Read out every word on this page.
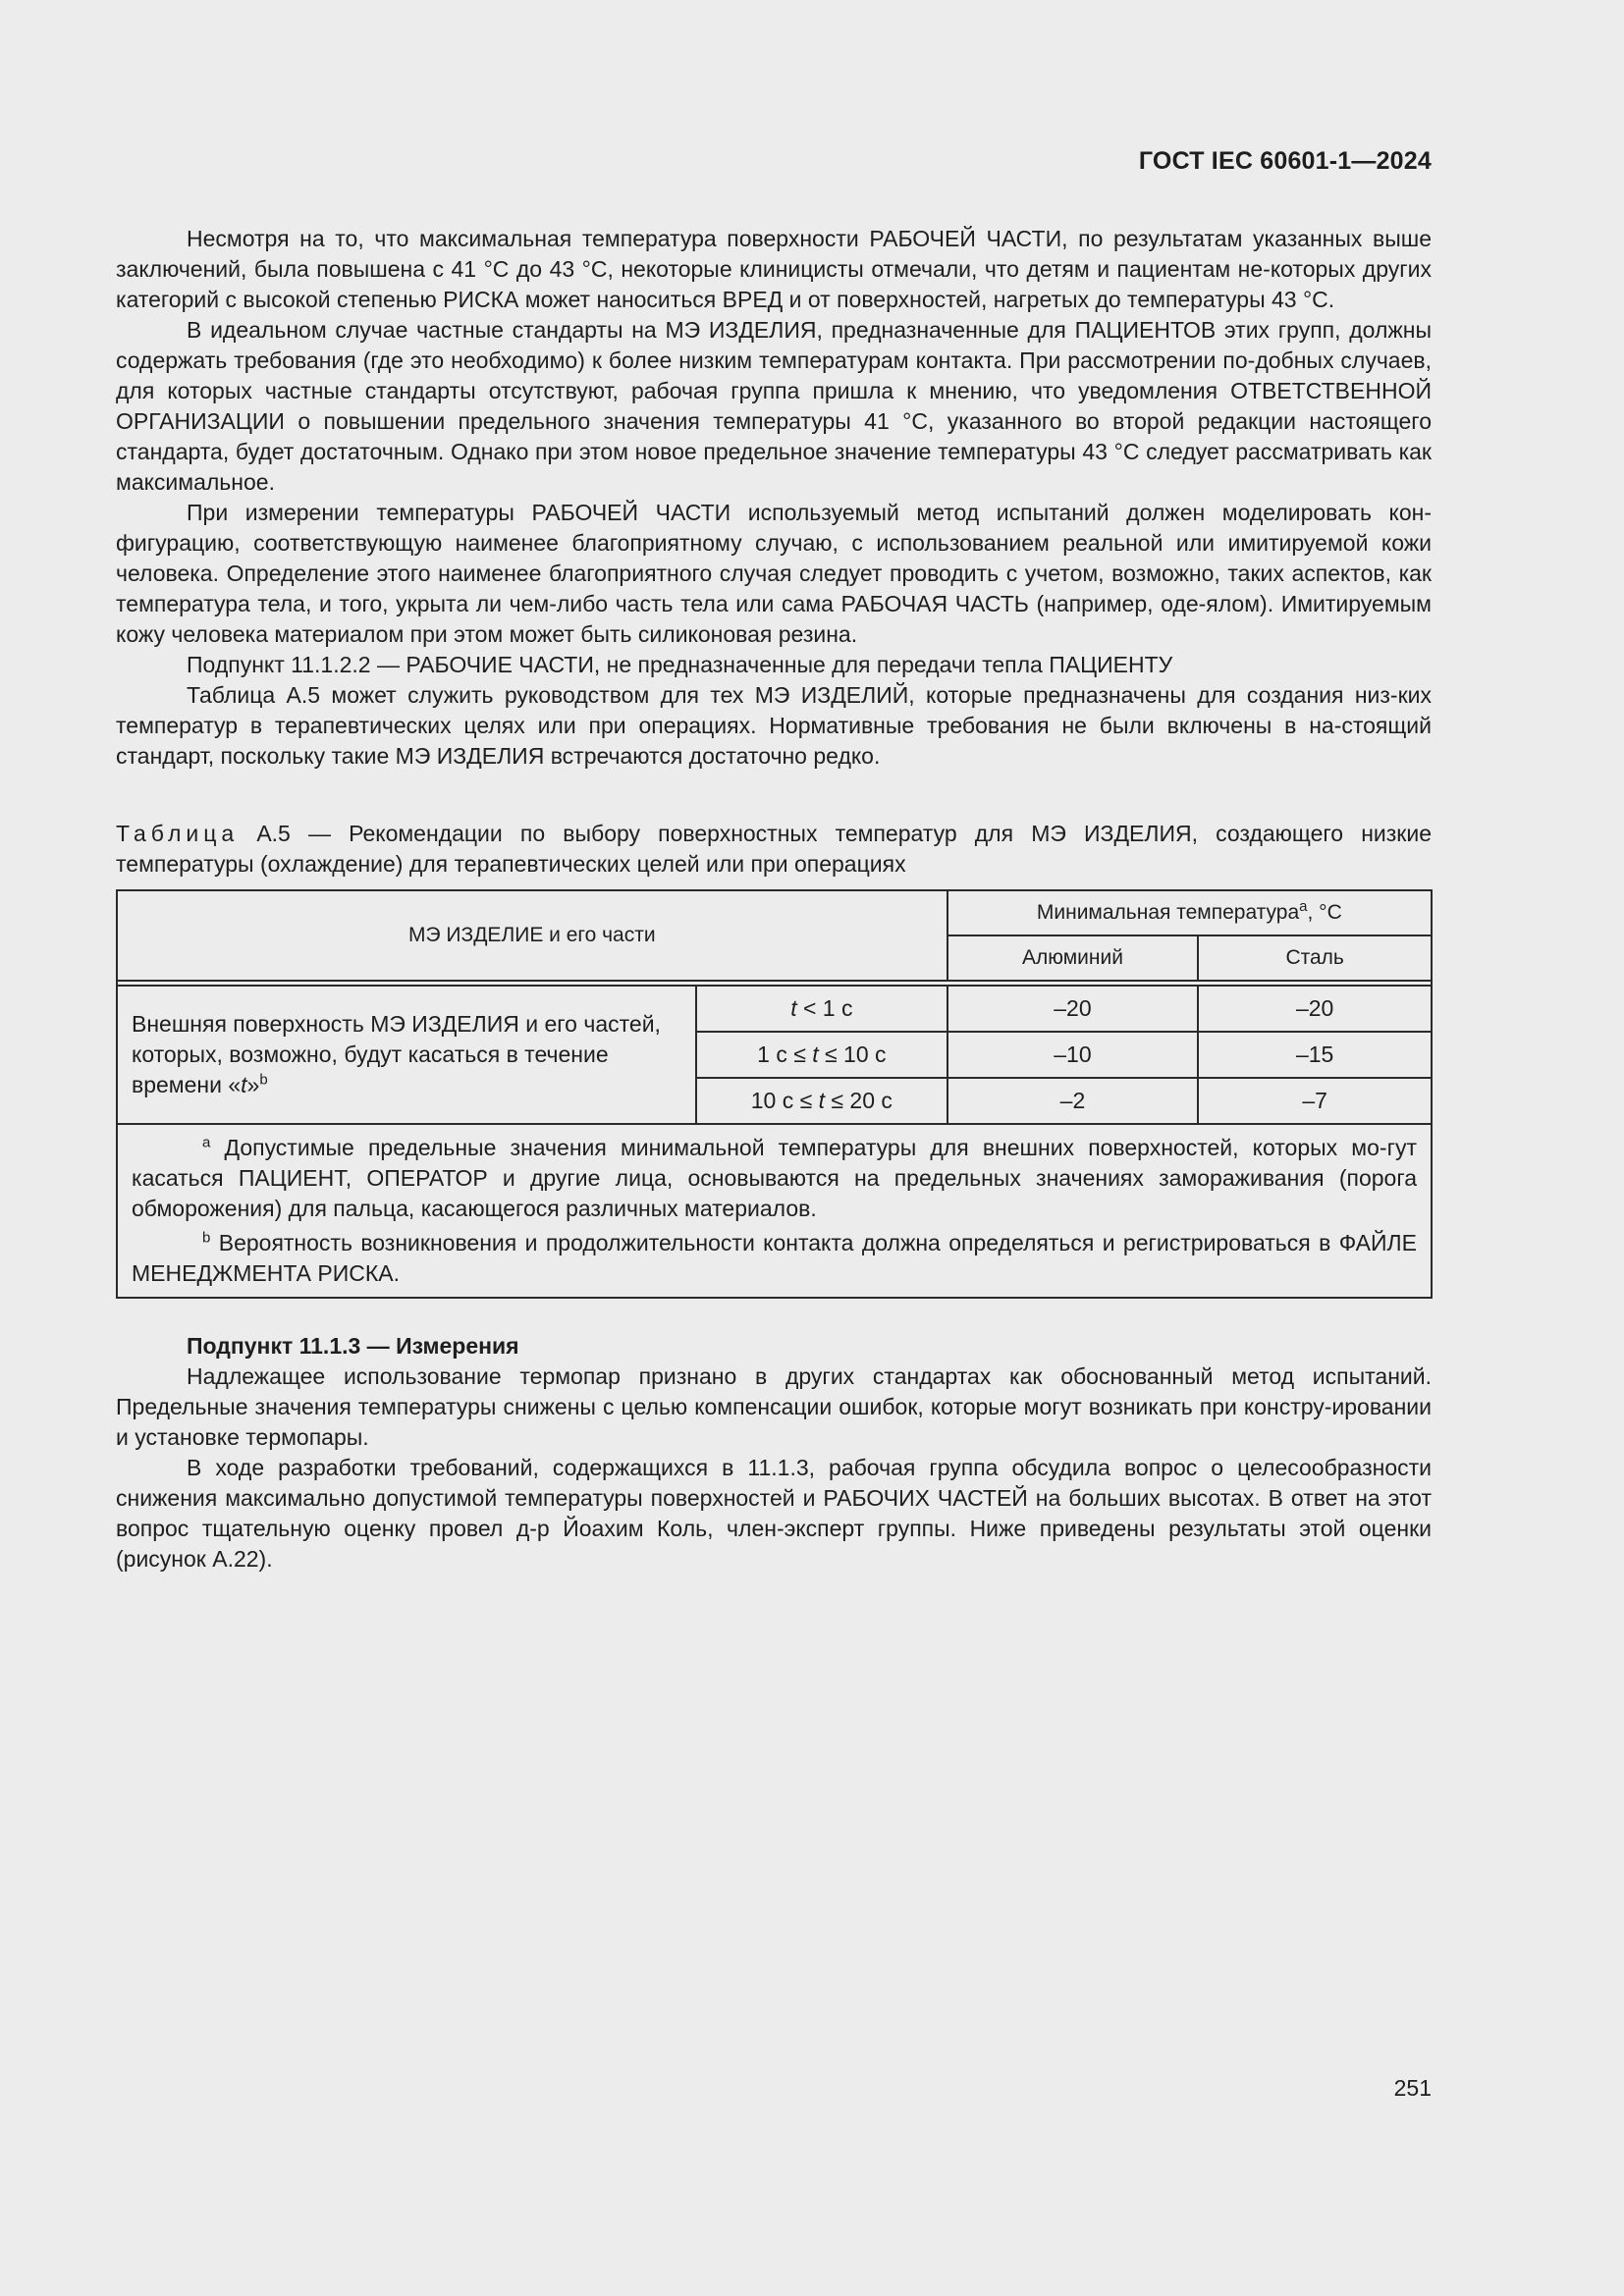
ГОСТ IEC 60601-1—2024

Несмотря на то, что максимальная температура поверхности РАБОЧЕЙ ЧАСТИ, по результатам указанных выше заключений, была повышена с 41 °С до 43 °С, некоторые клиницисты отмечали, что детям и пациентам не-которых других категорий с высокой степенью РИСКА может наноситься ВРЕД и от поверхностей, нагретых до температуры 43 °С.

В идеальном случае частные стандарты на МЭ ИЗДЕЛИЯ, предназначенные для ПАЦИЕНТОВ этих групп, должны содержать требования (где это необходимо) к более низким температурам контакта. При рассмотрении по-добных случаев, для которых частные стандарты отсутствуют, рабочая группа пришла к мнению, что уведомления ОТВЕТСТВЕННОЙ ОРГАНИЗАЦИИ о повышении предельного значения температуры 41 °С, указанного во второй редакции настоящего стандарта, будет достаточным. Однако при этом новое предельное значение температуры 43 °С следует рассматривать как максимальное.

При измерении температуры РАБОЧЕЙ ЧАСТИ используемый метод испытаний должен моделировать кон-фигурацию, соответствующую наименее благоприятному случаю, с использованием реальной или имитируемой кожи человека. Определение этого наименее благоприятного случая следует проводить с учетом, возможно, таких аспектов, как температура тела, и того, укрыта ли чем-либо часть тела или сама РАБОЧАЯ ЧАСТЬ (например, оде-ялом). Имитируемым кожу человека материалом при этом может быть силиконовая резина.

Подпункт 11.1.2.2 — РАБОЧИЕ ЧАСТИ, не предназначенные для передачи тепла ПАЦИЕНТУ

Таблица А.5 может служить руководством для тех МЭ ИЗДЕЛИЙ, которые предназначены для создания низ-ких температур в терапевтических целях или при операциях. Нормативные требования не были включены в на-стоящий стандарт, поскольку такие МЭ ИЗДЕЛИЯ встречаются достаточно редко.

Таблица А.5 — Рекомендации по выбору поверхностных температур для МЭ ИЗДЕЛИЯ, создающего низкие температуры (охлаждение) для терапевтических целей или при операциях
МЭ ИЗДЕЛИЕ и его части		Минимальная температура$^a$, °С	
		Алюминий	Сталь

Внешняя поверхность МЭ ИЗДЕЛИЯ и его частей, которых, возможно, будут касаться в течение времени «t»$^b$	t < 1 с	–20	–20
	1 с ≤ t ≤ 10 с	–10	–15
	10 с ≤ t ≤ 20 с	–2	–7

$^a$ Допустимые предельные значения минимальной температуры для внешних поверхностей, которых мо-гут касаться ПАЦИЕНТ, ОПЕРАТОР и другие лица, основываются на предельных значениях замораживания (порога обморожения) для пальца, касающегося различных материалов.

$^b$ Вероятность возникновения и продолжительности контакта должна определяться и регистрироваться в ФАЙЛЕ МЕНЕДЖМЕНТА РИСКА.			

Подпункт 11.1.3 — Измерения

Надлежащее использование термопар признано в других стандартах как обоснованный метод испытаний. Предельные значения температуры снижены с целью компенсации ошибок, которые могут возникать при констру-ировании и установке термопары.

В ходе разработки требований, содержащихся в 11.1.3, рабочая группа обсудила вопрос о целесообразности снижения максимально допустимой температуры поверхностей и РАБОЧИХ ЧАСТЕЙ на больших высотах. В ответ на этот вопрос тщательную оценку провел д-р Йоахим Коль, член-эксперт группы. Ниже приведены результаты этой оценки (рисунок А.22).

251
